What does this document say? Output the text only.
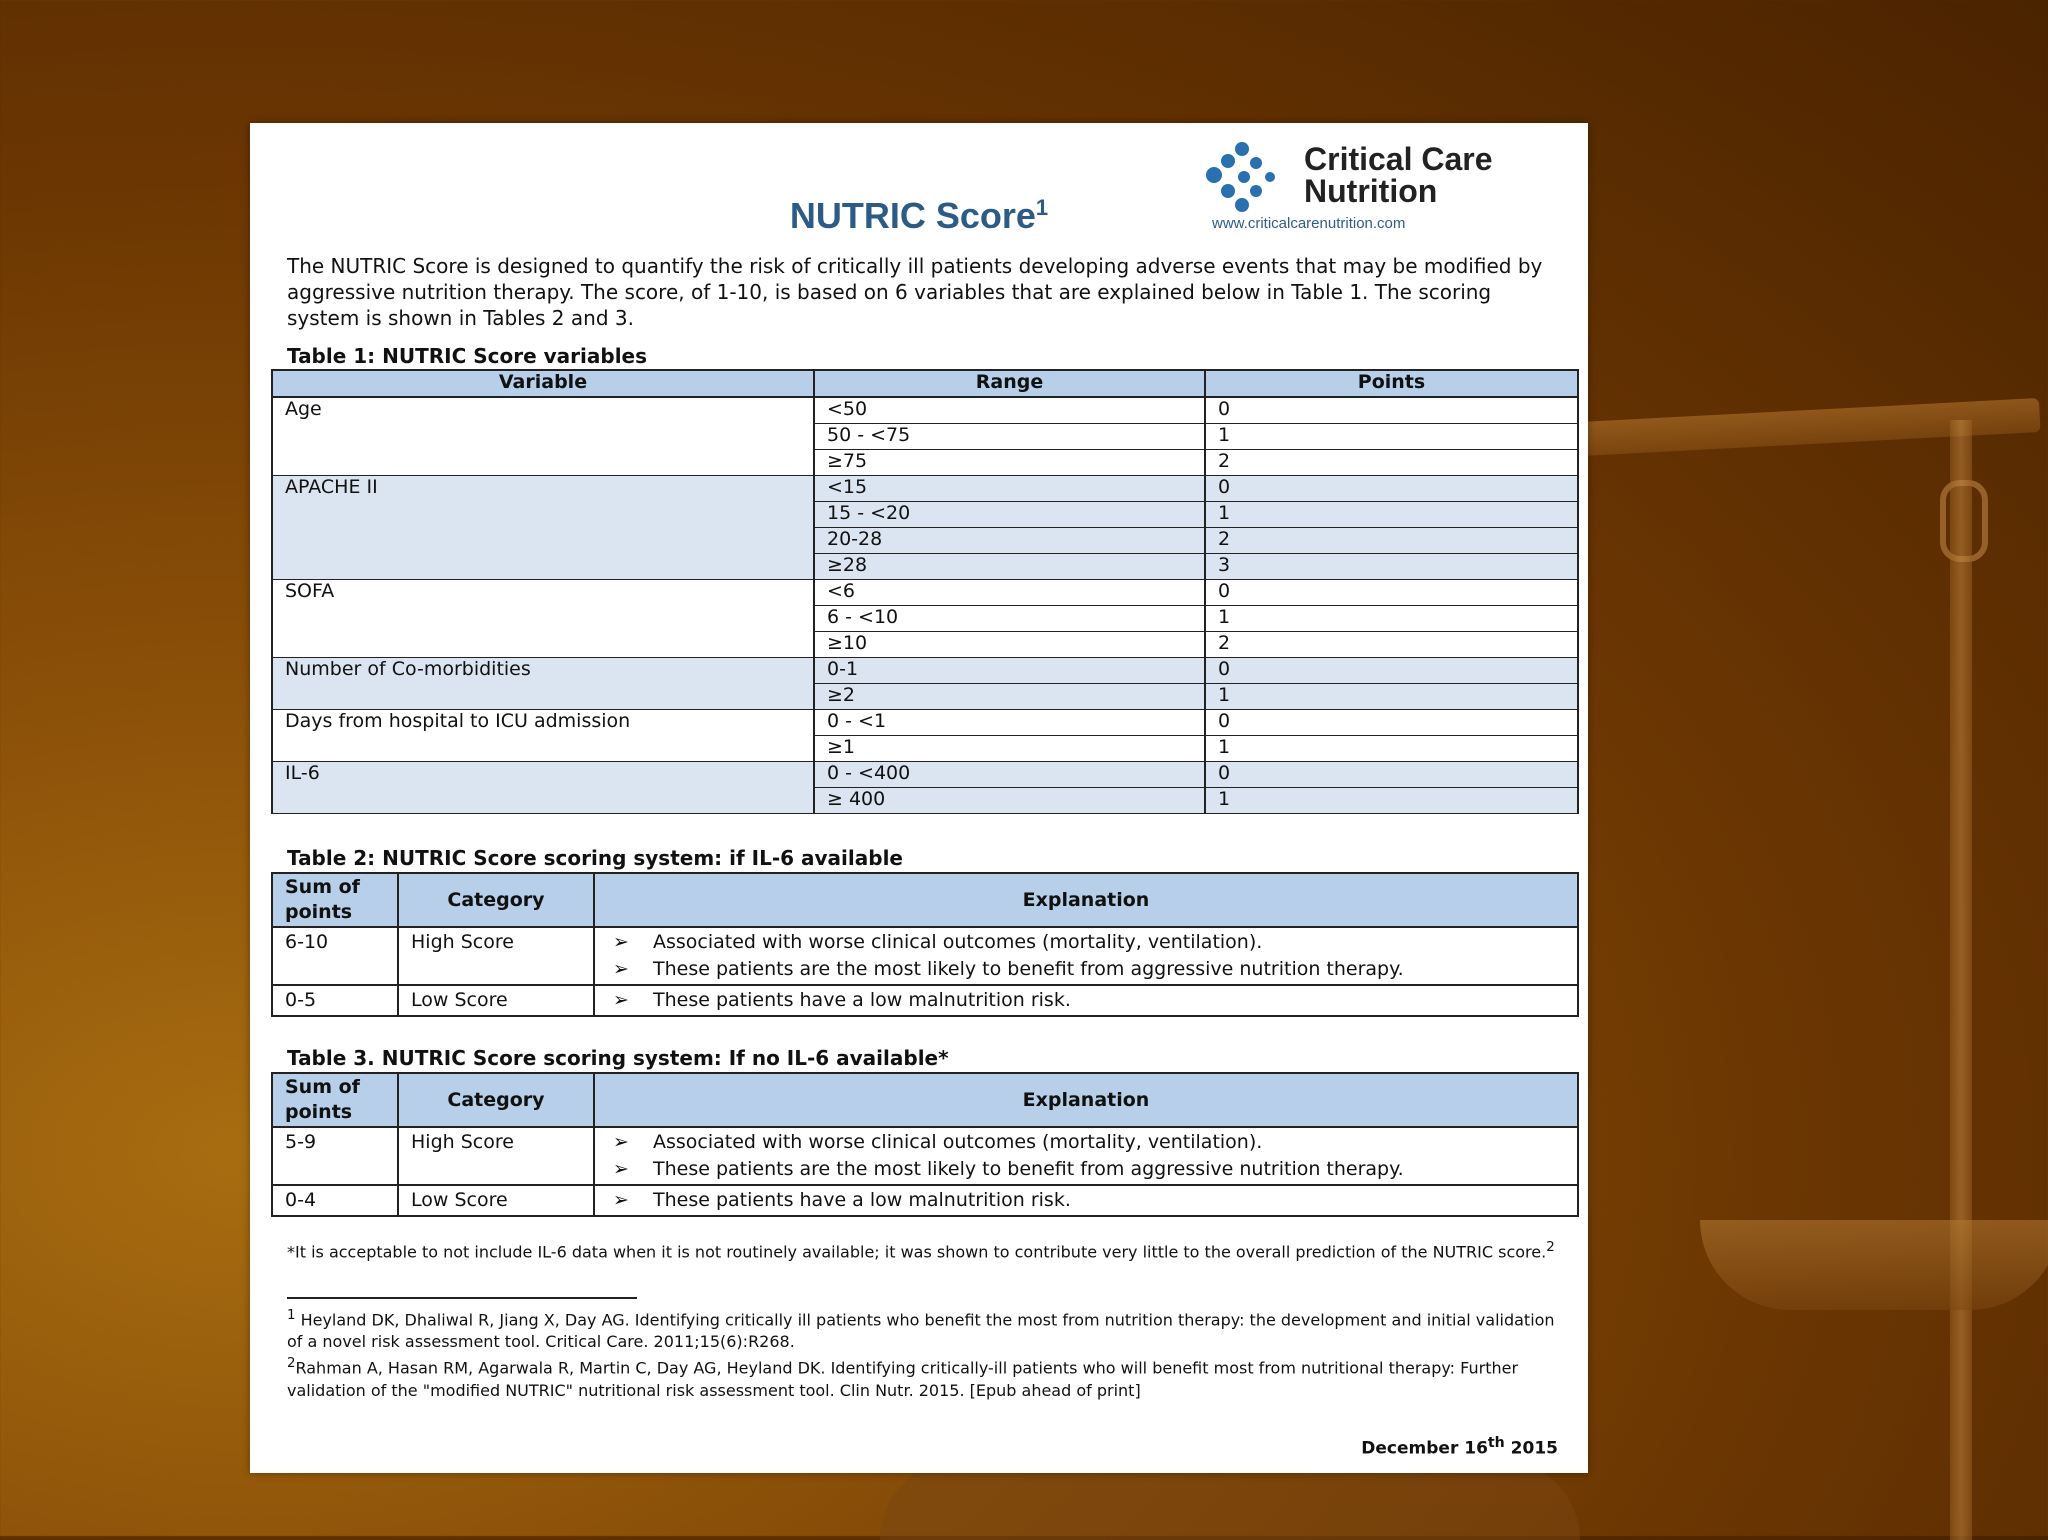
Critical Care
Nutrition
www.criticalcarenutrition.com
NUTRIC Score$^1$
The NUTRIC Score is designed to quantify the risk of critically ill patients developing adverse events that may be modified by aggressive nutrition therapy. The score, of 1-10, is based on 6 variables that are explained below in Table 1. The scoring system is shown in Tables 2 and 3.
Table 1: NUTRIC Score variables
Variable	Range	Points
Age	<50	0
	50 - <75	1
	≥75	2
APACHE II	<15	0
	15 - <20	1
	20-28	2
	≥28	3
SOFA	<6	0
	6 - <10	1
	≥10	2
Number of Co-morbidities	0-1	0
	≥2	1
Days from hospital to ICU admission	0 - <1	0
	≥1	1
IL-6	0 - <400	0
	≥ 400	1
Table 2: NUTRIC Score scoring system: if IL-6 available
Sum of points	Category	Explanation
6-10	High Score	➢ Associated with worse clinical outcomes (mortality, ventilation).
➢ These patients are the most likely to benefit from aggressive nutrition therapy.

0-5	Low Score	➢ These patients have a low malnutrition risk.
Table 3. NUTRIC Score scoring system: If no IL-6 available*
Sum of points	Category	Explanation
5-9	High Score	➢ Associated with worse clinical outcomes (mortality, ventilation).
➢ These patients are the most likely to benefit from aggressive nutrition therapy.

0-4	Low Score	➢ These patients have a low malnutrition risk.
*It is acceptable to not include IL-6 data when it is not routinely available; it was shown to contribute very little to the overall prediction of the NUTRIC score.$^2$
$^1$ Heyland DK, Dhaliwal R, Jiang X, Day AG. Identifying critically ill patients who benefit the most from nutrition therapy: the development and initial validation of a novel risk assessment tool. Critical Care. 2011;15(6):R268.
$^2$Rahman A, Hasan RM, Agarwala R, Martin C, Day AG, Heyland DK. Identifying critically-ill patients who will benefit most from nutritional therapy: Further validation of the "modified NUTRIC" nutritional risk assessment tool. Clin Nutr. 2015. [Epub ahead of print]
December 16th 2015
